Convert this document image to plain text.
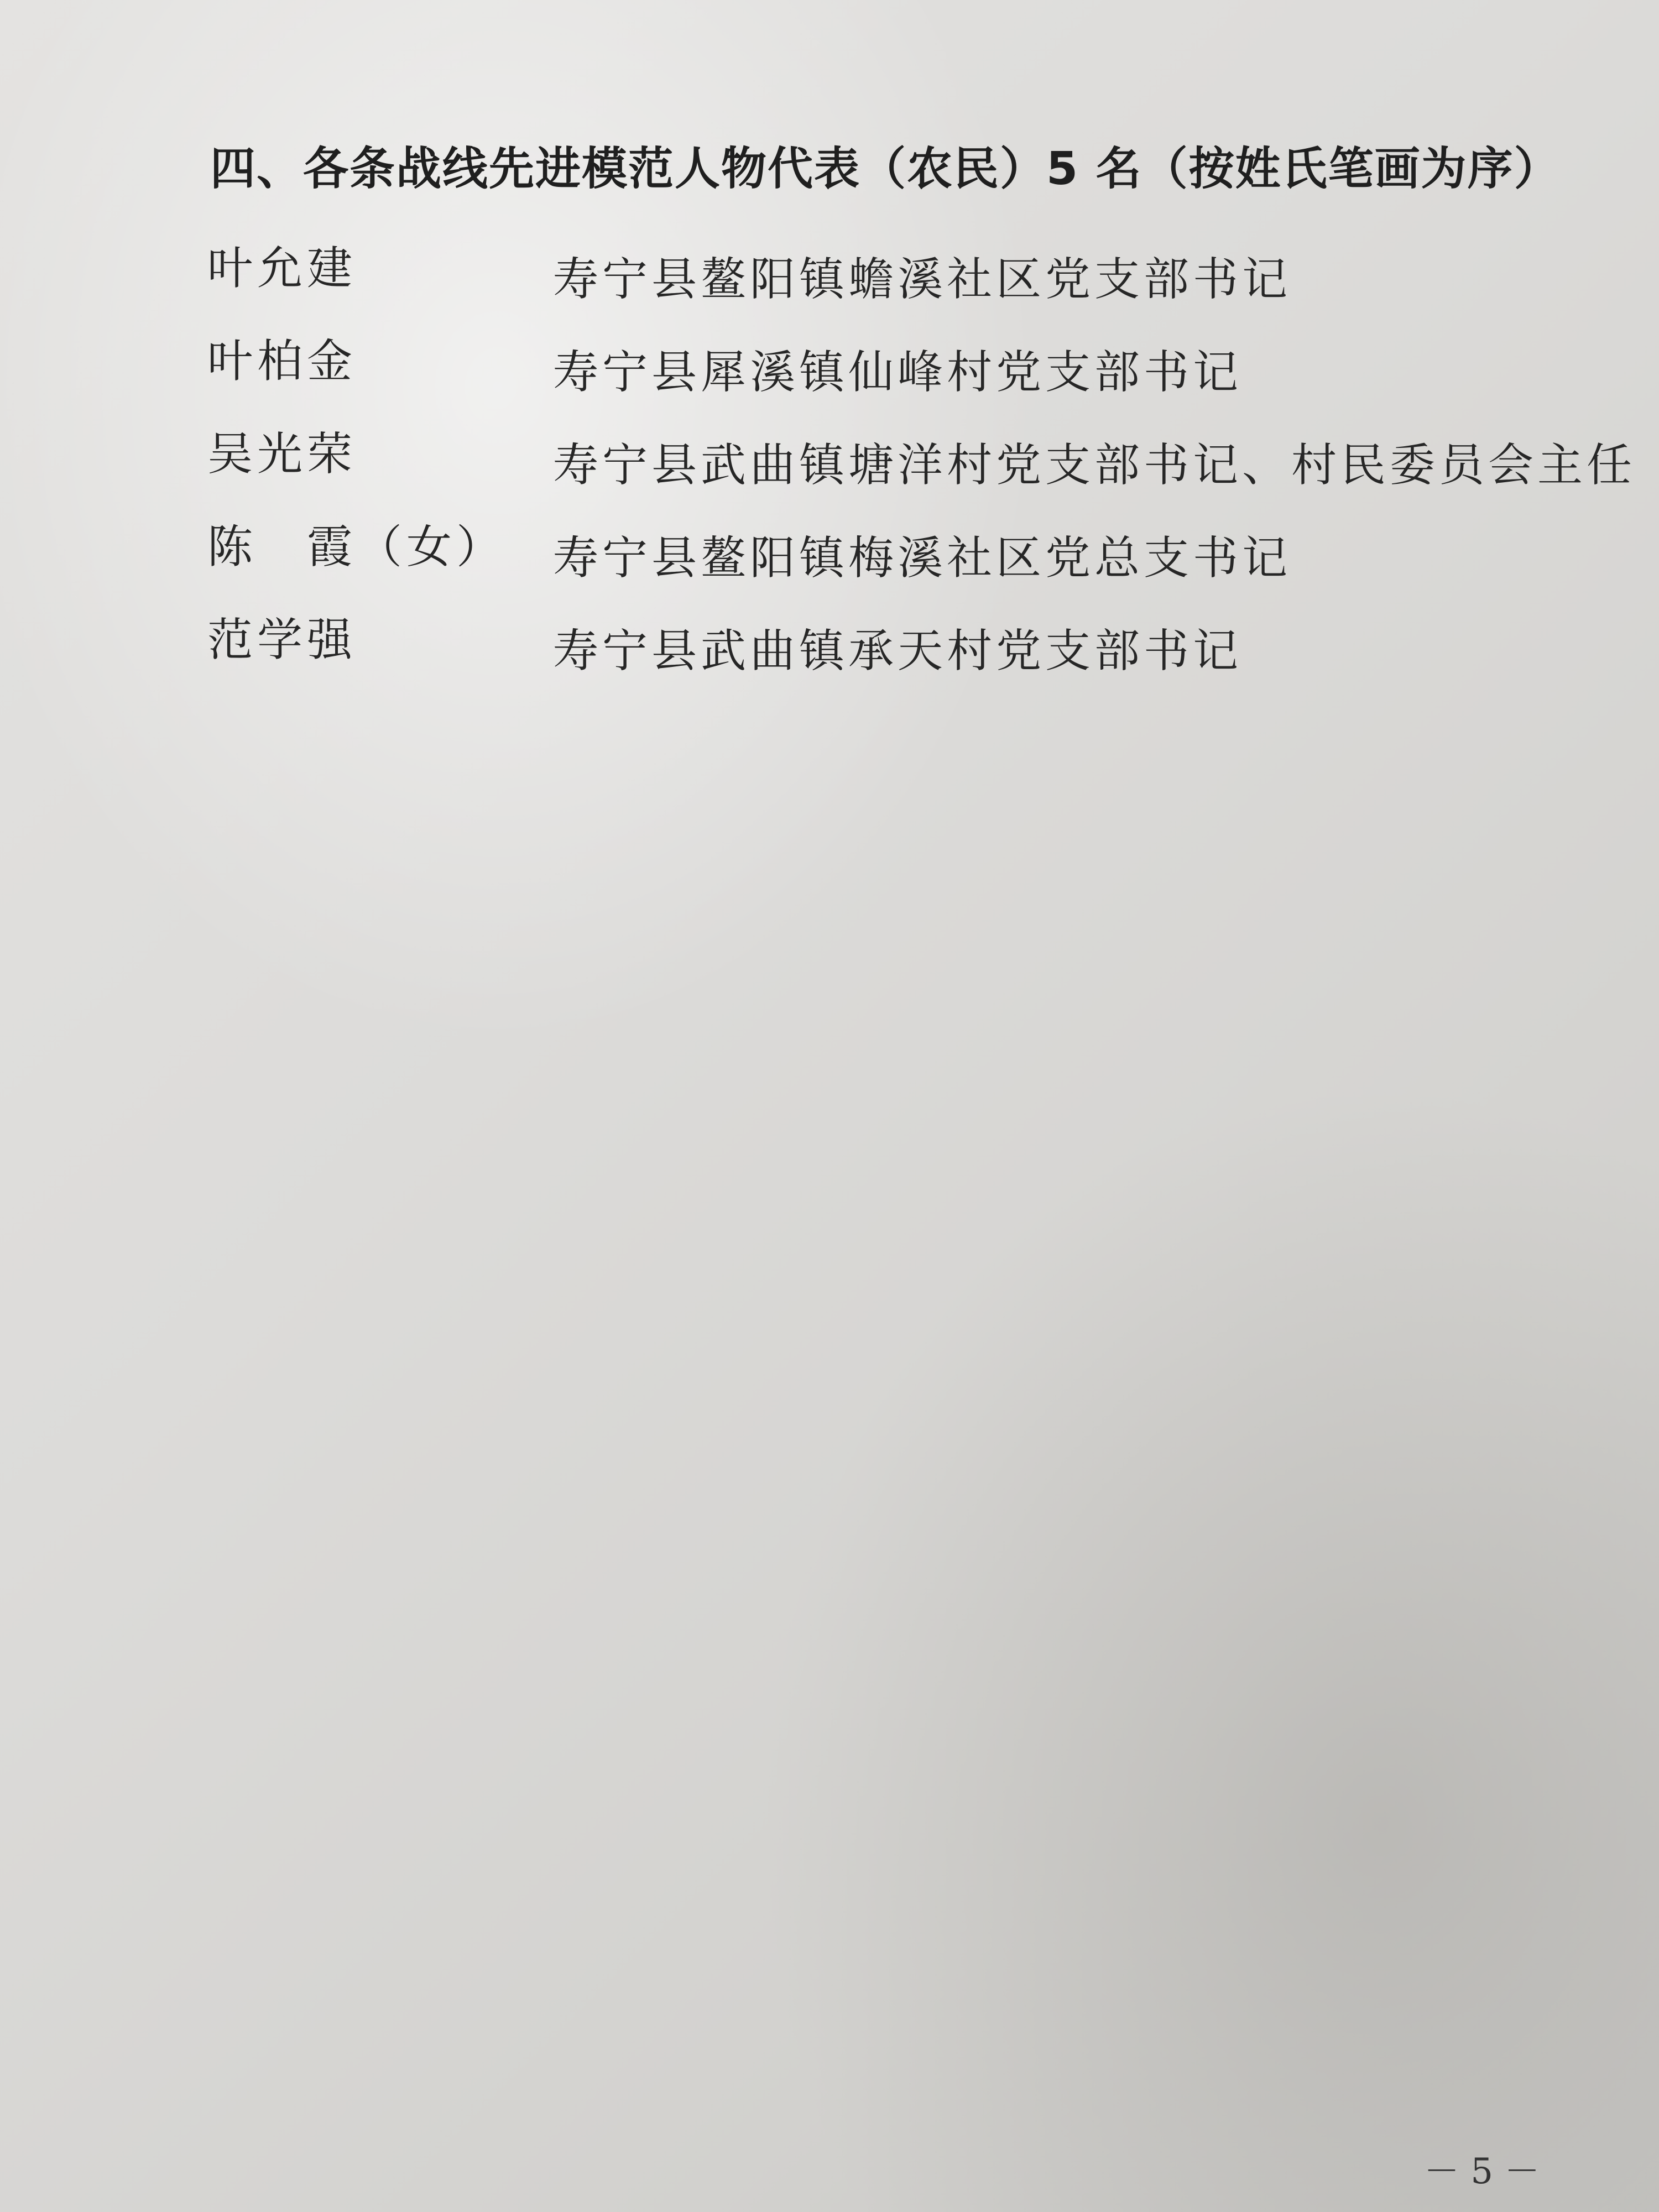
四、各条战线先进模范人物代表（农民）5 名（按姓氏笔画为序）
叶允建	寿宁县鳌阳镇蟾溪社区党支部书记
叶柏金	寿宁县犀溪镇仙峰村党支部书记
吴光荣	寿宁县武曲镇塘洋村党支部书记、村民委员会主任
陈　霞（女） 寿宁县鳌阳镇梅溪社区党总支书记
范学强	寿宁县武曲镇承天村党支部书记
－ 5 －
